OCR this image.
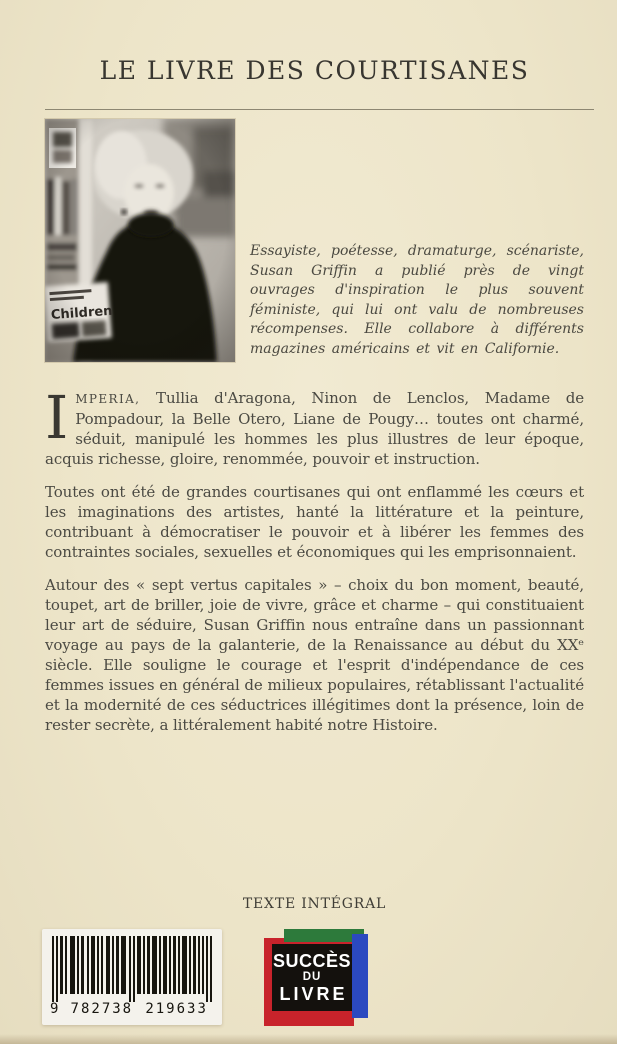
LE LIVRE DES COURTISANES

Essayiste, poétesse, dramaturge, scénariste, Susan Griffin a publié près de vingt ouvrages d'inspiration le plus souvent féministe, qui lui ont valu de nombreuses récompenses. Elle collabore à différents magazines américains et vit en Californie.

IMPERIA, Tullia d'Aragona, Ninon de Lenclos, Madame de Pompadour, la Belle Otero, Liane de Pougy… toutes ont charmé, séduit, manipulé les hommes les plus illustres de leur époque, acquis richesse, gloire, renommée, pouvoir et instruction.

Toutes ont été de grandes courtisanes qui ont enflammé les cœurs et les imaginations des artistes, hanté la littérature et la peinture, contribuant à démocratiser le pouvoir et à libérer les femmes des contraintes sociales, sexuelles et économiques qui les emprisonnaient.

Autour des « sept vertus capitales » – choix du bon moment, beauté, toupet, art de briller, joie de vivre, grâce et charme – qui constituaient leur art de séduire, Susan Griffin nous entraîne dans un passionnant voyage au pays de la galanterie, de la Renaissance au début du XXᵉ siècle. Elle souligne le courage et l'esprit d'indépendance de ces femmes issues en général de milieux populaires, rétablissant l'actualité et la modernité de ces séductrices illégitimes dont la présence, loin de rester secrète, a littéralement habité notre Histoire.

TEXTE INTÉGRAL
9 782738 219633
SUCCÈS
DU
LIVRE
